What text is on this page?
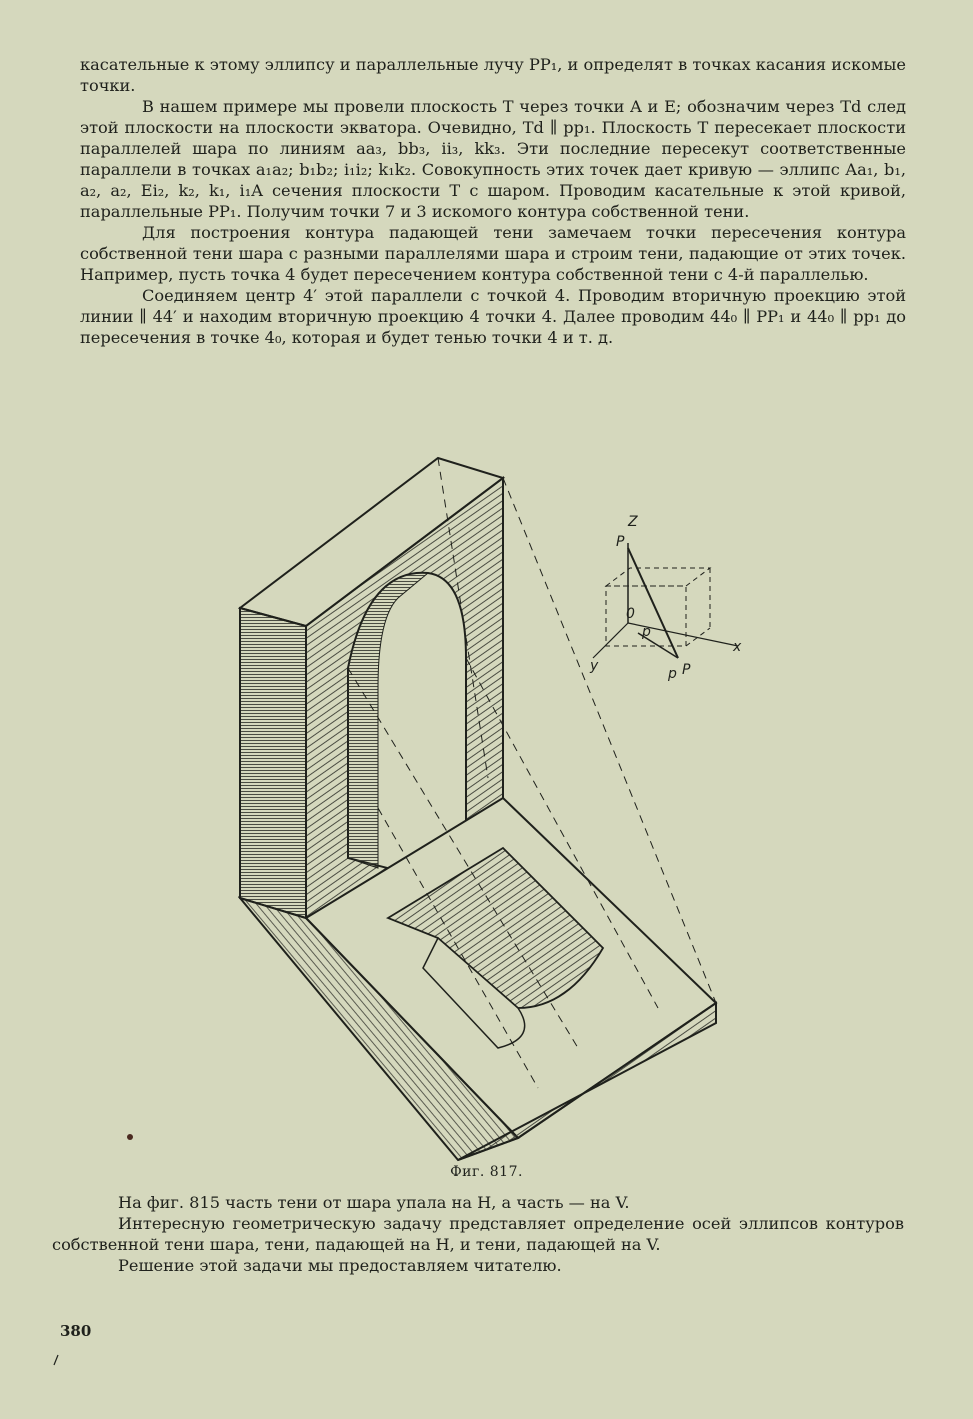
касательные к этому эллипсу и параллельные лучу PP₁, и определят в точках касания искомые точки.

В нашем примере мы провели плоскость T через точки A и E; обозначим через Td след этой плоскости на плоскости экватора. Очевидно, Td ∥ pp₁. Плоскость T пересекает плоскости параллелей шара по линиям aa₃, bb₃, ii₃, kk₃. Эти последние пересекут соответственные параллели в точках a₁a₂; b₁b₂; i₁i₂; k₁k₂. Совокупность этих точек дает кривую — эллипс Aa₁, b₁, a₂, a₂, Ei₂, k₂, k₁, i₁A сечения плоскости T с шаром. Проводим касательные к этой кривой, параллельные PP₁. Получим точки 7 и 3 искомого контура собственной тени.

Для построения контура падающей тени замечаем точки пересечения контура собственной тени шара с разными параллелями шара и строим тени, падающие от этих точек. Например, пусть точка 4 будет пересечением контура собственной тени с 4-й параллелью.

Соединяем центр 4′ этой параллели с точкой 4. Проводим вторичную проекцию этой линии ∥ 44′ и находим вторичную проекцию 4 точки 4. Далее проводим 44₀ ∥ PP₁ и 44₀ ∥ pp₁ до пересечения в точке 4₀, которая и будет тенью точки 4 и т. д.

Z
P
0
p
x
y	p P
Фиг. 817.

На фиг. 815 часть тени от шара упала на H, а часть — на V.

Интересную геометрическую задачу представляет определение осей эллипсов контуров собственной тени шара, тени, падающей на H, и тени, падающей на V.

Решение этой задачи мы предоставляем читателю.

380
